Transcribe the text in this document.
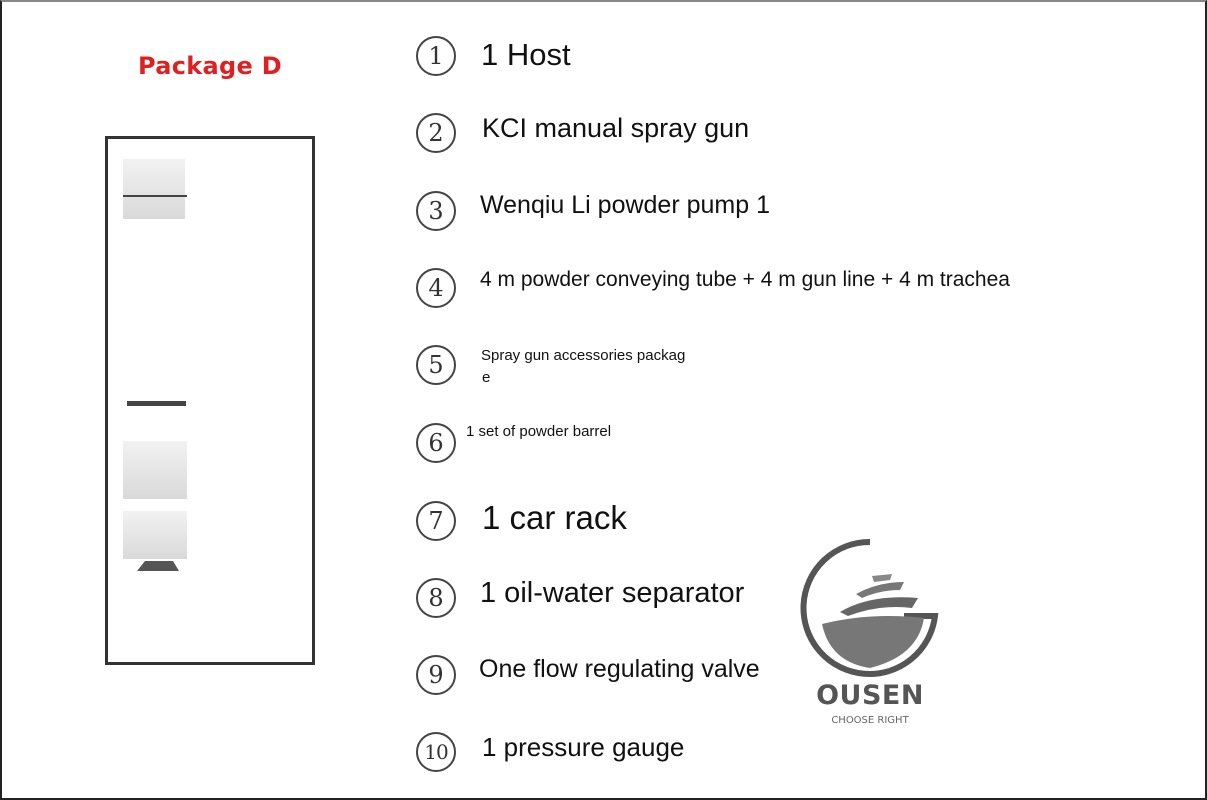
Package D	1	1 Host
2	KCI manual spray gun
3	Wenqiu Li powder pump 1
4	4 m powder conveying tube + 4 m gun line + 4 m trachea
5	Spray gun accessories packag
e
6	1 set of powder barrel
7	1 car rack
8	1 oil-water separator
9	One flow regulating valve
10	1 pressure gauge
OUSEN
CHOOSE RIGHT
